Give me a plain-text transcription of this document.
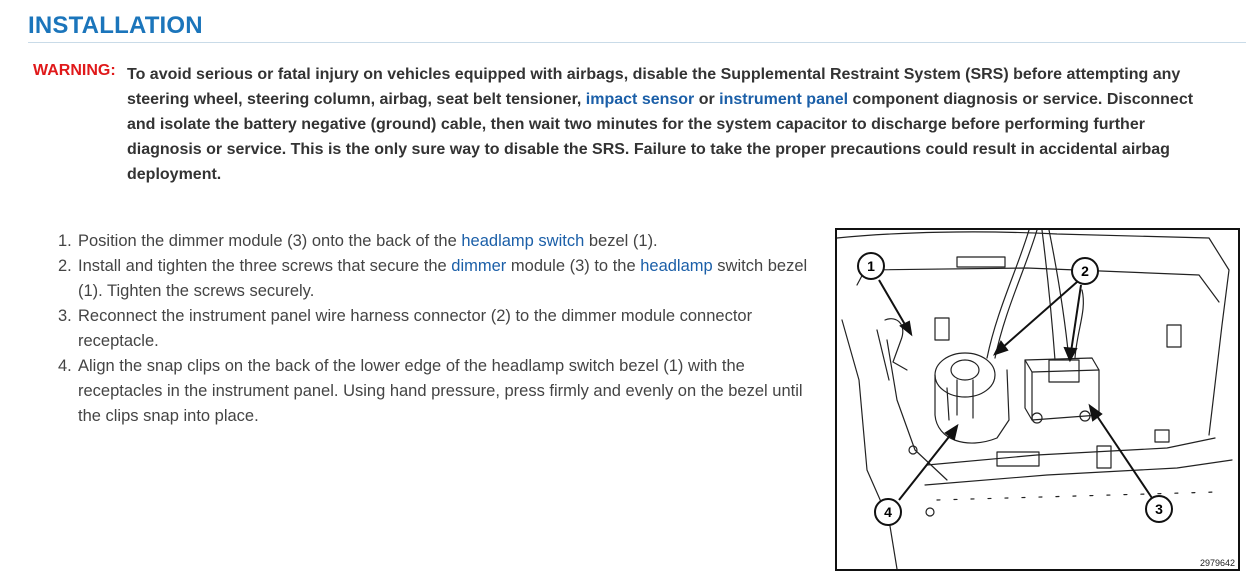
INSTALLATION
WARNING: To avoid serious or fatal injury on vehicles equipped with airbags, disable the Supplemental Restraint System (SRS) before attempting any steering wheel, steering column, airbag, seat belt tensioner, impact sensor or instrument panel component diagnosis or service. Disconnect and isolate the battery negative (ground) cable, then wait two minutes for the system capacitor to discharge before performing further diagnosis or service. This is the only sure way to disable the SRS. Failure to take the proper precautions could result in accidental airbag deployment.
1. Position the dimmer module (3) onto the back of the headlamp switch bezel (1).
2. Install and tighten the three screws that secure the dimmer module (3) to the headlamp switch bezel (1). Tighten the screws securely.
3. Reconnect the instrument panel wire harness connector (2) to the dimmer module connector receptacle.
4. Align the snap clips on the back of the lower edge of the headlamp switch bezel (1) with the receptacles in the instrument panel. Using hand pressure, press firmly and evenly on the bezel until the clips snap into place.
1	2
4	3
2979642
